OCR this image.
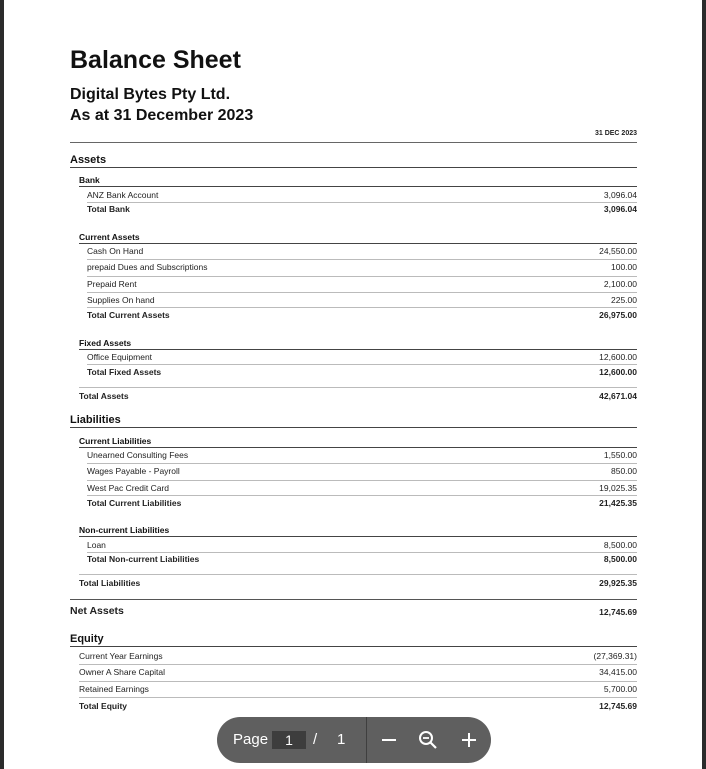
Balance Sheet
Digital Bytes Pty Ltd.
As at 31 December 2023
31 DEC 2023
Assets
Bank
ANZ Bank Account	3,096.04
Total Bank	3,096.04
Current Assets
Cash On Hand	24,550.00
prepaid Dues and Subscriptions	100.00
Prepaid Rent	2,100.00
Supplies On hand	225.00
Total Current Assets	26,975.00
Fixed Assets
Office Equipment	12,600.00
Total Fixed Assets	12,600.00
Total Assets	42,671.04
Liabilities
Current Liabilities
Unearned Consulting Fees	1,550.00
Wages Payable - Payroll	850.00
West Pac Credit Card	19,025.35
Total Current Liabilities	21,425.35
Non-current Liabilities
Loan	8,500.00
Total Non-current Liabilities	8,500.00
Total Liabilities	29,925.35
Net Assets	12,745.69
Equity
Current Year Earnings	(27,369.31)
Owner A Share Capital	34,415.00
Retained Earnings	5,700.00
Total Equity	12,745.69
Page
1	/ 1
